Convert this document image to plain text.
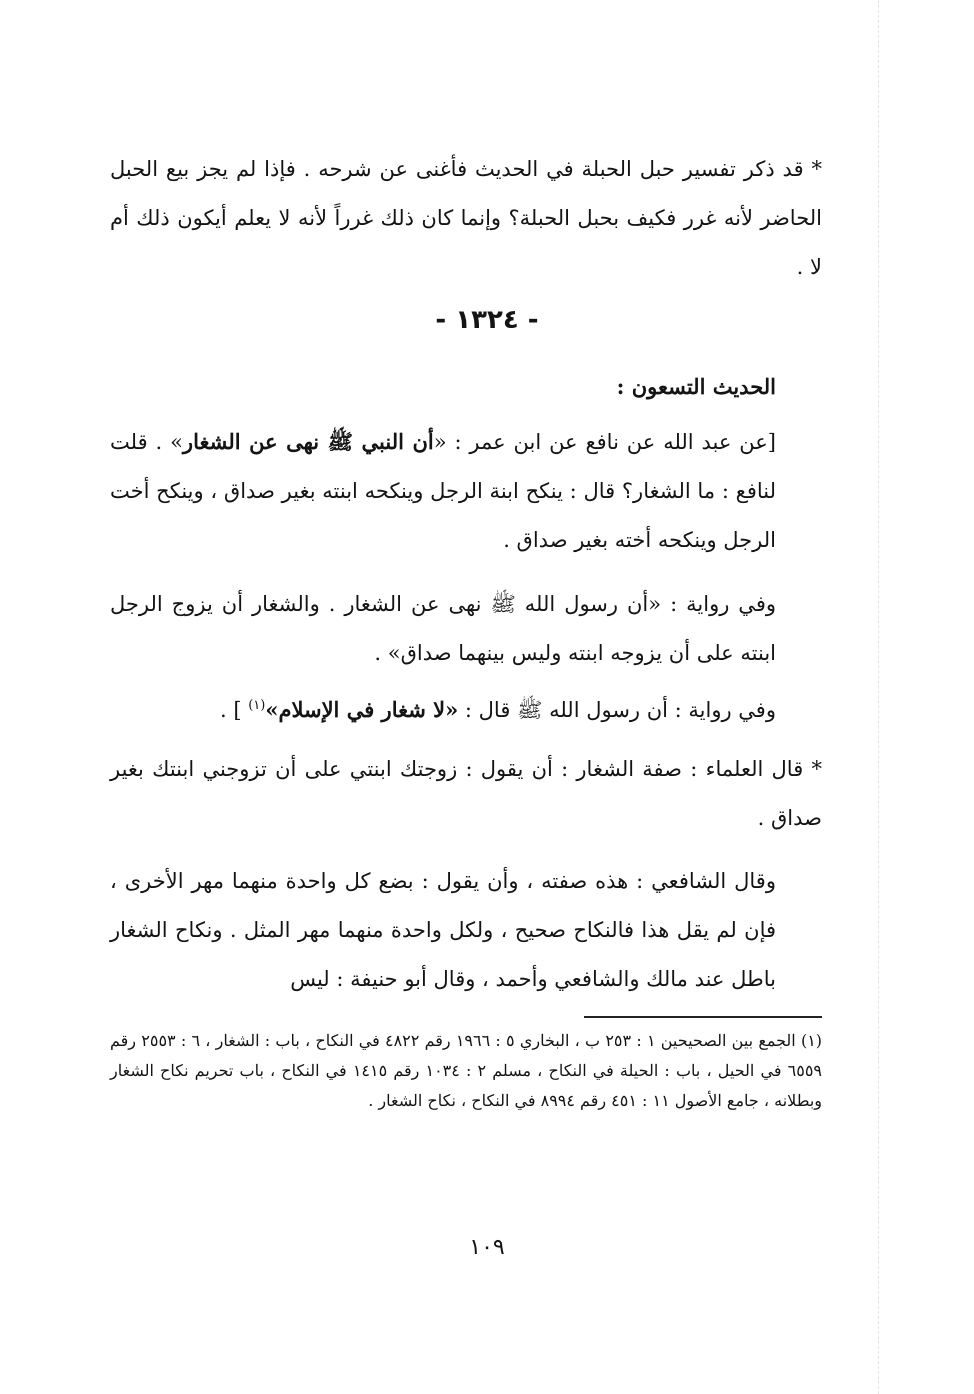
* قد ذكر تفسير حبل الحبلة في الحديث فأغنى عن شرحه . فإذا لم يجز بيع الحبل الحاضر لأنه غرر فكيف بحبل الحبلة؟ وإنما كان ذلك غرراً لأنه لا يعلم أيكون ذلك أم لا .
- ١٣٢٤ -
الحديث التسعون :
[عن عبد الله عن نافع عن ابن عمر : «أن النبي ﷺ نهى عن الشغار» . قلت لنافع : ما الشغار؟ قال : ينكح ابنة الرجل وينكحه ابنته بغير صداق ، وينكح أخت الرجل وينكحه أخته بغير صداق .
وفي رواية : «أن رسول الله ﷺ نهى عن الشغار . والشغار أن يزوج الرجل ابنته على أن يزوجه ابنته وليس بينهما صداق» .
وفي رواية : أن رسول الله ﷺ قال : «لا شغار في الإسلام»$^{(١)}$ ] .
* قال العلماء : صفة الشغار : أن يقول : زوجتك ابنتي على أن تزوجني ابنتك بغير صداق .
وقال الشافعي : هذه صفته ، وأن يقول : بضع كل واحدة منهما مهر الأخرى ، فإن لم يقل هذا فالنكاح صحيح ، ولكل واحدة منهما مهر المثل . ونكاح الشغار باطل عند مالك والشافعي وأحمد ، وقال أبو حنيفة : ليس
(١) الجمع بين الصحيحين ١ : ٢٥٣ ب ، البخاري ٥ : ١٩٦٦ رقم ٤٨٢٢ في النكاح ، باب : الشغار ، ٦ : ٢٥٥٣ رقم ٦٥٥٩ في الحيل ، باب : الحيلة في النكاح ، مسلم ٢ : ١٠٣٤ رقم ١٤١٥ في النكاح ، باب تحريم نكاح الشغار وبطلانه ، جامع الأصول ١١ : ٤٥١ رقم ٨٩٩٤ في النكاح ، نكاح الشغار .
١٠٩
